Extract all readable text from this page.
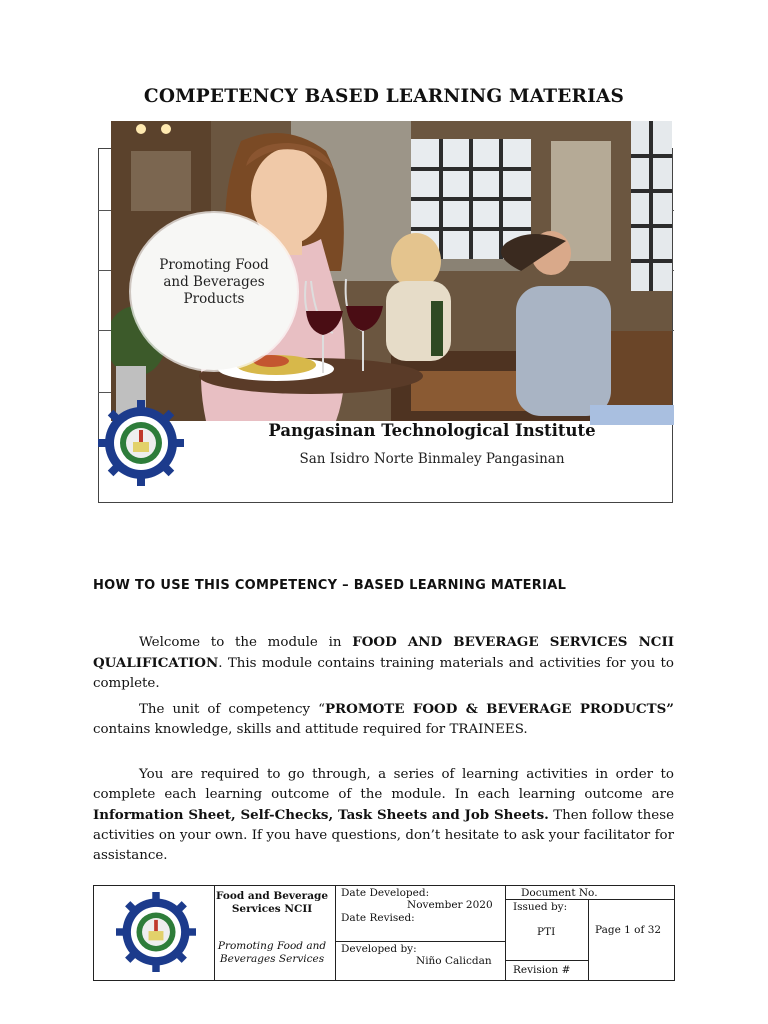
COMPETENCY BASED LEARNING MATERIAS
Promoting Food and Beverages Products
Pangasinan Technological Institute
San Isidro Norte Binmaley Pangasinan
HOW TO USE THIS COMPETENCY – BASED LEARNING MATERIAL
Welcome to the module in FOOD AND BEVERAGE SERVICES NCII QUALIFICATION. This module contains training materials and activities for you to complete.
The unit of competency “PROMOTE FOOD & BEVERAGE PRODUCTS” contains knowledge, skills and attitude required for TRAINEES.
You are required to go through, a series of learning activities in order to complete each learning outcome of the module. In each learning outcome are Information Sheet, Self-Checks, Task Sheets and Job Sheets. Then follow these activities on your own. If you have questions, don’t hesitate to ask your facilitator for assistance.
Food and Beverage Services NCII
Promoting Food and Beverages Services
Date Developed:
November 2020
Date Revised:
Developed by:
Niño Calicdan
Document No.
Issued by:
PTI
Revision #
Page 1 of 32
